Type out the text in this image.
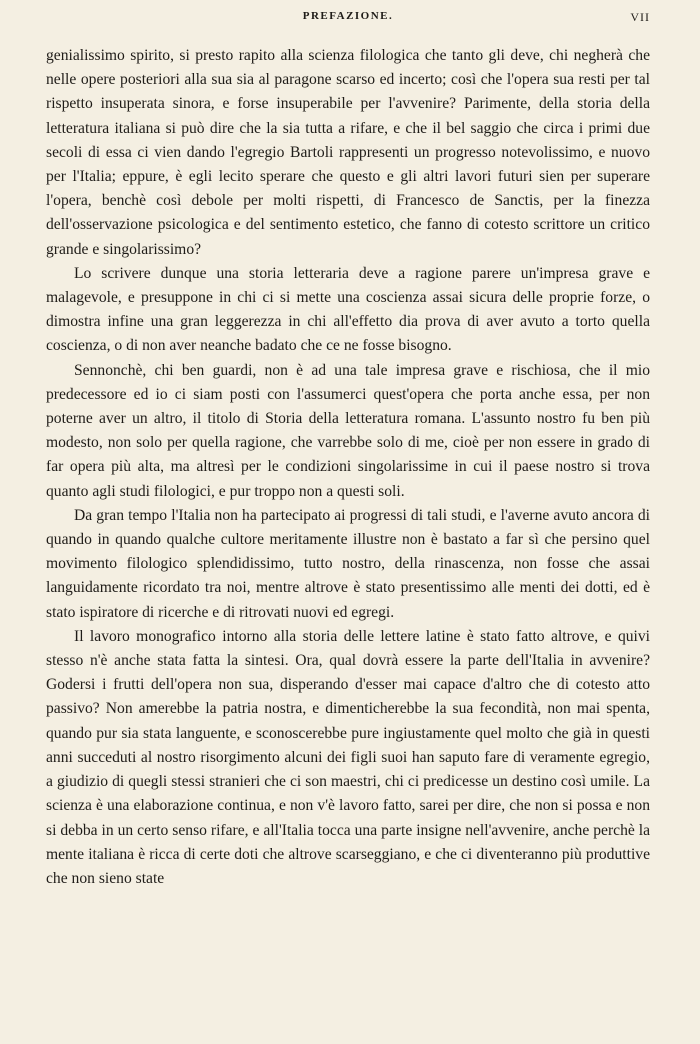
PREFAZIONE.	VII

genialissimo spirito, si presto rapito alla scienza filologica che tanto gli deve, chi negherà che nelle opere posteriori alla sua sia al paragone scarso ed incerto; così che l'opera sua resti per tal rispetto insuperata sinora, e forse insuperabile per l'avvenire? Parimente, della storia della letteratura italiana si può dire che la sia tutta a rifare, e che il bel saggio che circa i primi due secoli di essa ci vien dando l'egregio Bartoli rappresenti un progresso notevolissimo, e nuovo per l'Italia; eppure, è egli lecito sperare che questo e gli altri lavori futuri sien per superare l'opera, benchè così debole per molti rispetti, di Francesco de Sanctis, per la finezza dell'osservazione psicologica e del sentimento estetico, che fanno di cotesto scrittore un critico grande e singolarissimo?

Lo scrivere dunque una storia letteraria deve a ragione parere un'impresa grave e malagevole, e presuppone in chi ci si mette una coscienza assai sicura delle proprie forze, o dimostra infine una gran leggerezza in chi all'effetto dia prova di aver avuto a torto quella coscienza, o di non aver neanche badato che ce ne fosse bisogno.

Sennonchè, chi ben guardi, non è ad una tale impresa grave e rischiosa, che il mio predecessore ed io ci siam posti con l'assumerci quest'opera che porta anche essa, per non poterne aver un altro, il titolo di Storia della letteratura romana. L'assunto nostro fu ben più modesto, non solo per quella ragione, che varrebbe solo di me, cioè per non essere in grado di far opera più alta, ma altresì per le condizioni singolarissime in cui il paese nostro si trova quanto agli studi filologici, e pur troppo non a questi soli.

Da gran tempo l'Italia non ha partecipato ai progressi di tali studi, e l'averne avuto ancora di quando in quando qualche cultore meritamente illustre non è bastato a far sì che persino quel movimento filologico splendidissimo, tutto nostro, della rinascenza, non fosse che assai languidamente ricordato tra noi, mentre altrove è stato presentissimo alle menti dei dotti, ed è stato ispiratore di ricerche e di ritrovati nuovi ed egregi.

Il lavoro monografico intorno alla storia delle lettere latine è stato fatto altrove, e quivi stesso n'è anche stata fatta la sintesi. Ora, qual dovrà essere la parte dell'Italia in avvenire? Godersi i frutti dell'opera non sua, disperando d'esser mai capace d'altro che di cotesto atto passivo? Non amerebbe la patria nostra, e dimenticherebbe la sua fecondità, non mai spenta, quando pur sia stata languente, e sconoscerebbe pure ingiustamente quel molto che già in questi anni succeduti al nostro risorgimento alcuni dei figli suoi han saputo fare di veramente egregio, a giudizio di quegli stessi stranieri che ci son maestri, chi ci predicesse un destino così umile. La scienza è una elaborazione continua, e non v'è lavoro fatto, sarei per dire, che non si possa e non si debba in un certo senso rifare, e all'Italia tocca una parte insigne nell'avvenire, anche perchè la mente italiana è ricca di certe doti che altrove scarseggiano, e che ci diventeranno più produttive che non sieno state
